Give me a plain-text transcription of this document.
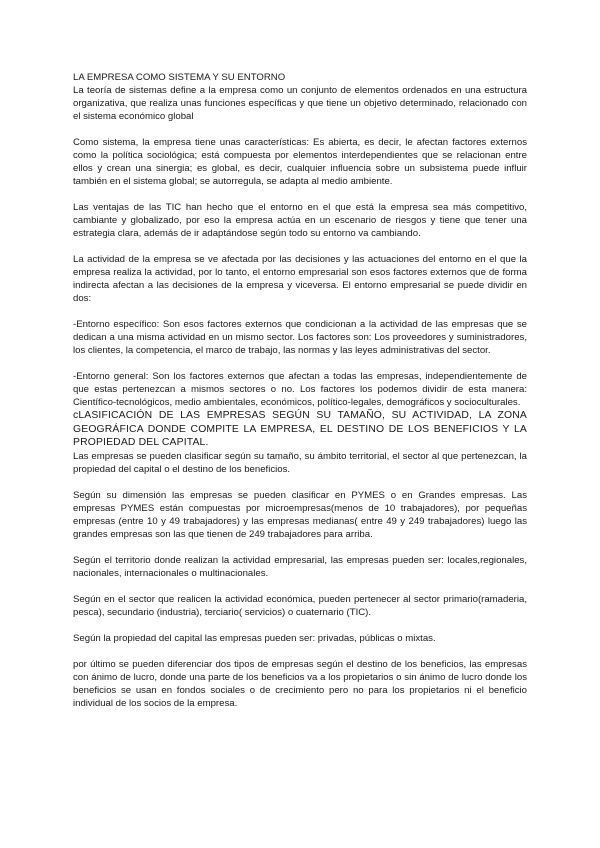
LA EMPRESA COMO SISTEMA Y SU ENTORNO

La teoría de sistemas define a la empresa como un conjunto de elementos ordenados en una estructura organizativa, que realiza unas funciones específicas y que tiene un objetivo determinado, relacionado con el sistema económico global

Como sistema, la empresa tiene unas características: Es abierta, es decir, le afectan factores externos como la política sociológica; está compuesta por elementos interdependientes que se relacionan entre ellos y crean una sinergia; es global, es decir, cualquier influencia sobre un subsistema puede influir también en el sistema global; se autorregula, se adapta al medio ambiente.

Las ventajas de las TIC han hecho que el entorno en el que está la empresa sea más competitivo, cambiante y globalizado, por eso la empresa actúa en un escenario de riesgos y tiene que tener una estrategia clara, además de ir adaptándose según todo su entorno va cambiando.

La actividad de la empresa se ve afectada por las decisiones y las actuaciones del entorno en el que la empresa realiza la actividad, por lo tanto, el entorno empresarial son esos factores externos que de forma indirecta afectan a las decisiones de la empresa y viceversa. El entorno empresarial se puede dividir en dos:

-Entorno específico: Son esos factores externos que condicionan a la actividad de las empresas que se dedican a una misma actividad en un mismo sector. Los factores son: Los proveedores y suministradores, los clientes, la competencia, el marco de trabajo, las normas y las leyes administrativas del sector.

-Entorno general: Son los factores externos que afectan a todas las empresas, independientemente de que estas pertenezcan a mismos sectores o no. Los factores los podemos dividir de esta manera: Científico-tecnológicos, medio ambientales, económicos, político-legales, demográficos y socioculturales.

cLASIFICACIÓN DE LAS EMPRESAS SEGÚN SU TAMAÑO, SU ACTIVIDAD, LA ZONA GEOGRÁFICA DONDE COMPITE LA EMPRESA, EL DESTINO DE LOS BENEFICIOS Y LA PROPIEDAD DEL CAPITAL.

Las empresas se pueden clasificar según su tamaño, su ámbito territorial, el sector al que pertenezcan, la propiedad del capital o el destino de los beneficios.

Según su dimensión las empresas se pueden clasificar en PYMES o en Grandes empresas. Las empresas PYMES están compuestas por microempresas(menos de 10 trabajadores), por pequeñas empresas (entre 10 y 49 trabajadores) y las empresas medianas( entre 49 y 249 trabajadores) luego las grandes empresas son las que tienen de 249 trabajadores para arriba.

Según el territorio donde realizan la actividad empresarial, las empresas pueden ser: locales,regionales, nacionales, internacionales o multinacionales.

Según en el sector que realicen la actividad económica, pueden pertenecer al sector primario(ramaderia, pesca), secundario (industria), terciario( servicios) o cuaternario (TIC).

Según la propiedad del capital las empresas pueden ser: privadas, públicas o mixtas.

por último se pueden diferenciar dos tipos de empresas según el destino de los beneficios, las empresas con ánimo de lucro, donde una parte de los beneficios va a los propietarios o sin ánimo de lucro donde los beneficios se usan en fondos sociales o de crecimiento pero no para los propietarios ni el beneficio individual de los socios de la empresa.
